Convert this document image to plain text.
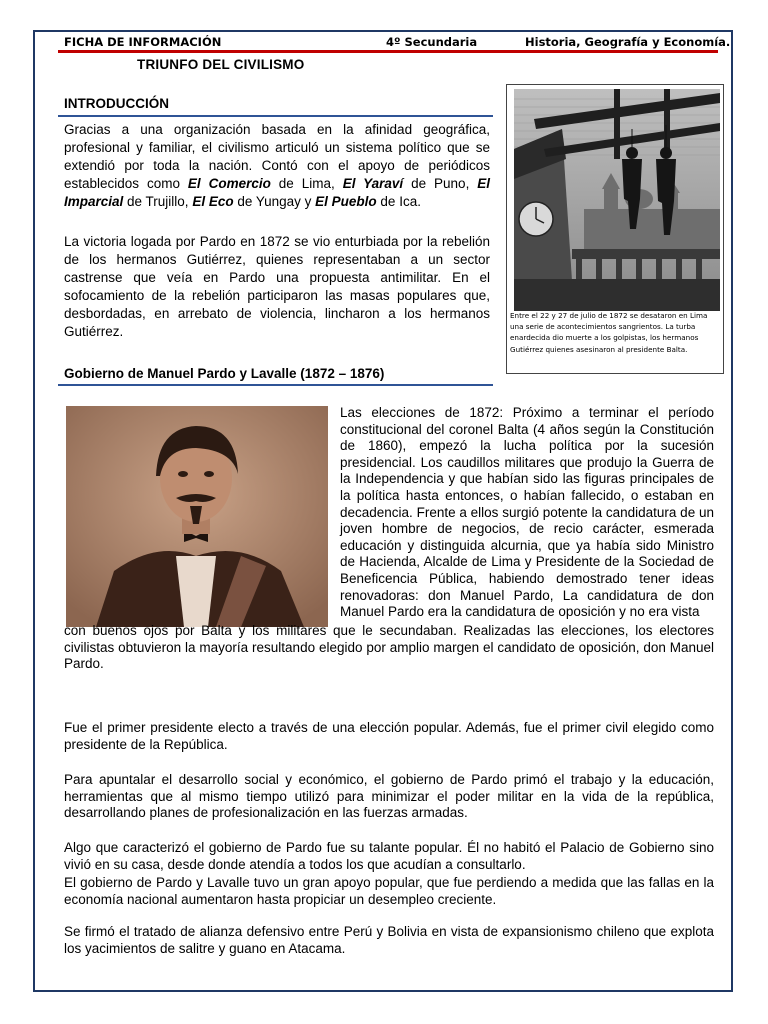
FICHA DE INFORMACIÓN	4º Secundaria	Historia, Geografía y Economía.
TRIUNFO DEL CIVILISMO
INTRODUCCIÓN

Gracias a una organización basada en la afinidad geográfica, profesional y familiar, el civilismo articuló un sistema político que se extendió por toda la nación. Contó con el apoyo de periódicos establecidos como El Comercio de Lima, El Yaraví de Puno, El Imparcial de Trujillo, El Eco de Yungay y El Pueblo de Ica.

La victoria logada por Pardo en 1872 se vio enturbiada por la rebelión de los hermanos Gutiérrez, quienes representaban a un sector castrense que veía en Pardo una propuesta antimilitar. En el sofocamiento de la rebelión participaron las masas populares que, desbordadas, en arrebato de violencia, lincharon a los hermanos Gutiérrez.

Entre el 22 y 27 de julio de 1872 se desataron en Lima una serie de acontecimientos sangrientos. La turba enardecida dio muerte a los golpistas, los hermanos Gutiérrez quienes asesinaron al presidente Balta.

Gobierno de Manuel Pardo y Lavalle (1872 – 1876)

Las elecciones de 1872: Próximo a terminar el período constitucional del coronel Balta (4 años según la Constitución de 1860), empezó la lucha política por la sucesión presidencial. Los caudillos militares que produjo la Guerra de la Independencia y que habían sido las figuras principales de la política hasta entonces, o habían fallecido, o estaban en decadencia. Frente a ellos surgió potente la candidatura de un joven hombre de negocios, de recio carácter, esmerada educación y distinguida alcurnia, que ya había sido Ministro de Hacienda, Alcalde de Lima y Presidente de la Sociedad de Beneficencia Pública, habiendo demostrado tener ideas renovadoras: don Manuel Pardo, La candidatura de don Manuel Pardo era la candidatura de oposición y no era vista

Fue el primer presidente electo a través de una elección popular. Además, fue el primer civil elegido como presidente de la República.

Para apuntalar el desarrollo social y económico, el gobierno de Pardo primó el trabajo y la educación, herramientas que al mismo tiempo utilizó para minimizar el poder militar en la vida de la república, desarrollando planes de profesionalización en las fuerzas armadas.

Algo que caracterizó el gobierno de Pardo fue su talante popular. Él no habitó el Palacio de Gobierno sino vivió en su casa, desde donde atendía a todos los que acudían a consultarlo.

El gobierno de Pardo y Lavalle tuvo un gran apoyo popular, que fue perdiendo a medida que las fallas en la economía nacional aumentaron hasta propiciar un desempleo creciente.

Se firmó el tratado de alianza defensivo entre Perú y Bolivia en vista de expansionismo chileno que explota los yacimientos de salitre y guano en Atacama.

con buenos ojos por Balta y los militares que le secundaban. Realizadas las elecciones, los electores civilistas obtuvieron la mayoría resultando elegido por amplio margen el candidato de oposición, don Manuel Pardo.
